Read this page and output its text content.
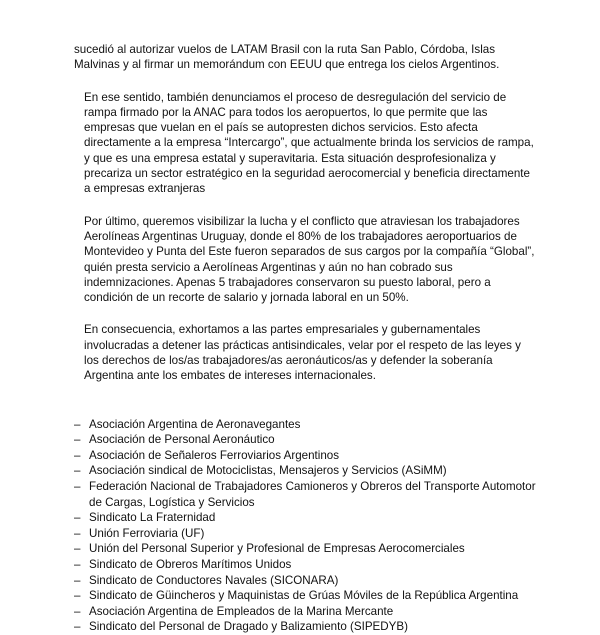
sucedió al autorizar vuelos de LATAM Brasil con la ruta San Pablo, Córdoba, Islas Malvinas y al firmar un memorándum con EEUU que entrega los cielos Argentinos.

En ese sentido, también denunciamos el proceso de desregulación del servicio de rampa firmado por la ANAC para todos los aeropuertos, lo que permite que las empresas que vuelan en el país se autopresten dichos servicios. Esto afecta directamente a la empresa “Intercargo”, que actualmente brinda los servicios de rampa, y que es una empresa estatal y superavitaria. Esta situación desprofesionaliza y precariza un sector estratégico en la seguridad aerocomercial y beneficia directamente a empresas extranjeras

Por último, queremos visibilizar la lucha y el conflicto que atraviesan los trabajadores Aerolíneas Argentinas Uruguay, donde el 80% de los trabajadores aeroportuarios de Montevideo y Punta del Este fueron separados de sus cargos por la compañía “Global”, quién presta servicio a Aerolíneas Argentinas y aún no han cobrado sus indemnizaciones. Apenas 5 trabajadores conservaron su puesto laboral, pero a condición de un recorte de salario y jornada laboral en un 50%.

En consecuencia, exhortamos a las partes empresariales y gubernamentales involucradas a detener las prácticas antisindicales, velar por el respeto de las leyes y los derechos de los/as trabajadores/as aeronáuticos/as y defender la soberanía Argentina ante los embates de intereses internacionales.

– Asociación Argentina de Aeronavegantes
– Asociación de Personal Aeronáutico
– Asociación de Señaleros Ferroviarios Argentinos
– Asociación sindical de Motociclistas, Mensajeros y Servicios (ASiMM)
– Federación Nacional de Trabajadores Camioneros y Obreros del Transporte Automotor de Cargas, Logística y Servicios
– Sindicato La Fraternidad
– Unión Ferroviaria (UF)
– Unión del Personal Superior y Profesional de Empresas Aerocomerciales
– Sindicato de Obreros Marítimos Unidos
– Sindicato de Conductores Navales (SICONARA)
– Sindicato de Güincheros y Maquinistas de Grúas Móviles de la República Argentina
– Asociación Argentina de Empleados de la Marina Mercante
– Sindicato del Personal de Dragado y Balizamiento (SIPEDYB)
